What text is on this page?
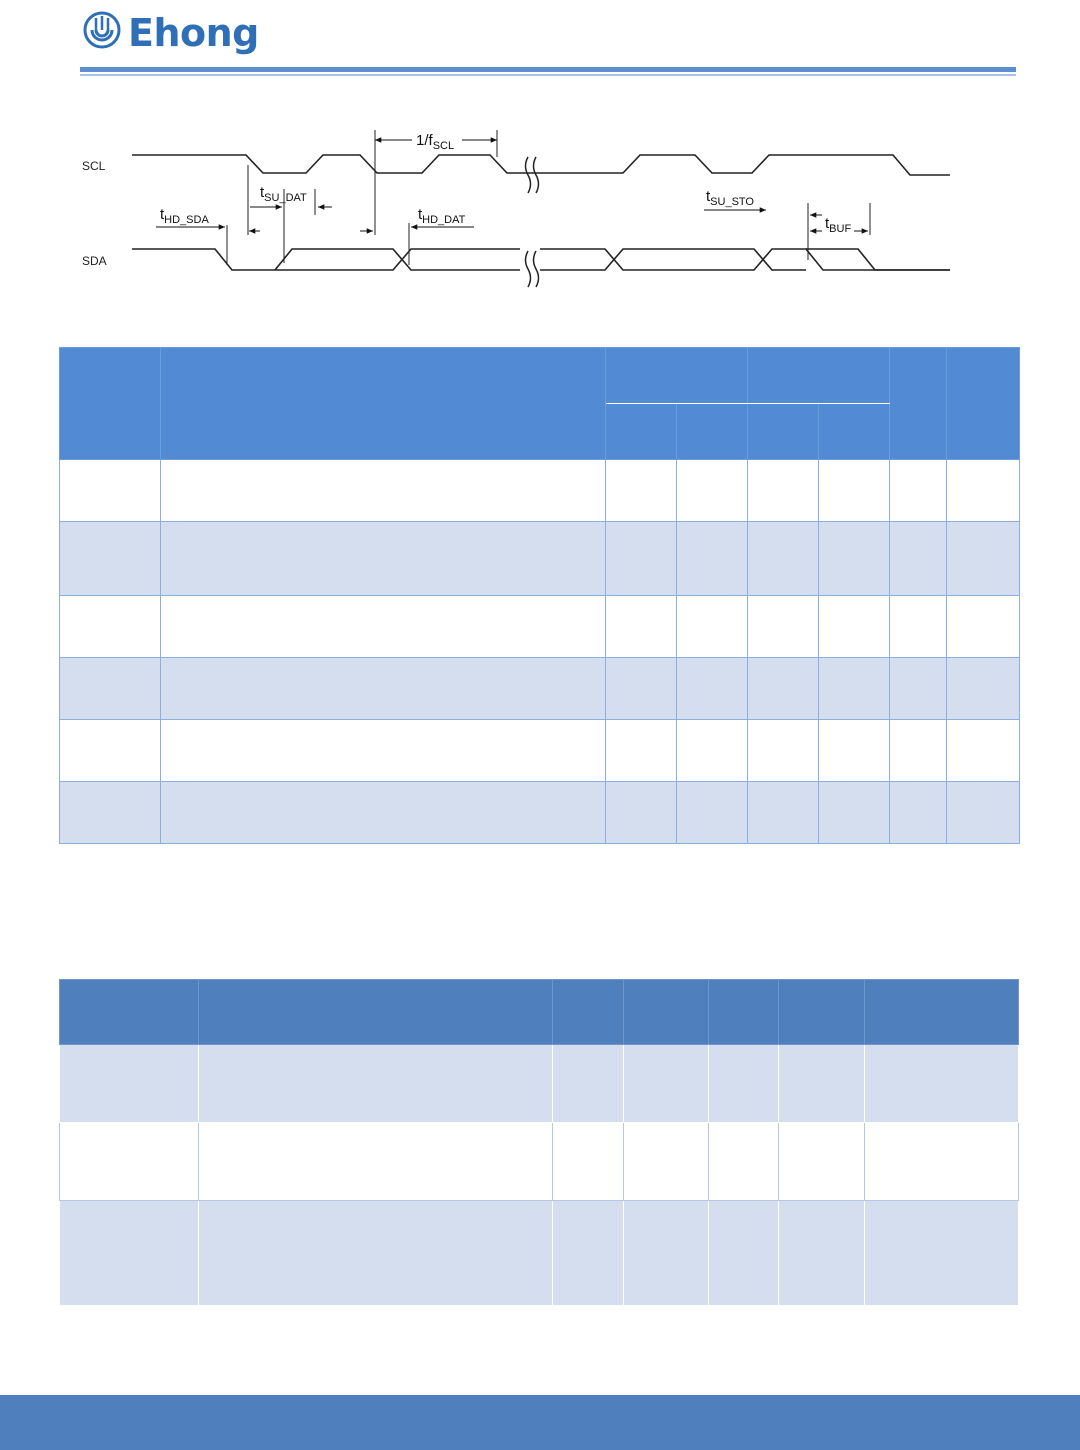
Ehong
SCL
SDA
$1/f_{SCL}$
$t_{SU\_DAT}$
$t_{HD\_SDA}$	$t_{HD\_DAT}$
$t_{SU\_STO}$
$t_{BUF}$
